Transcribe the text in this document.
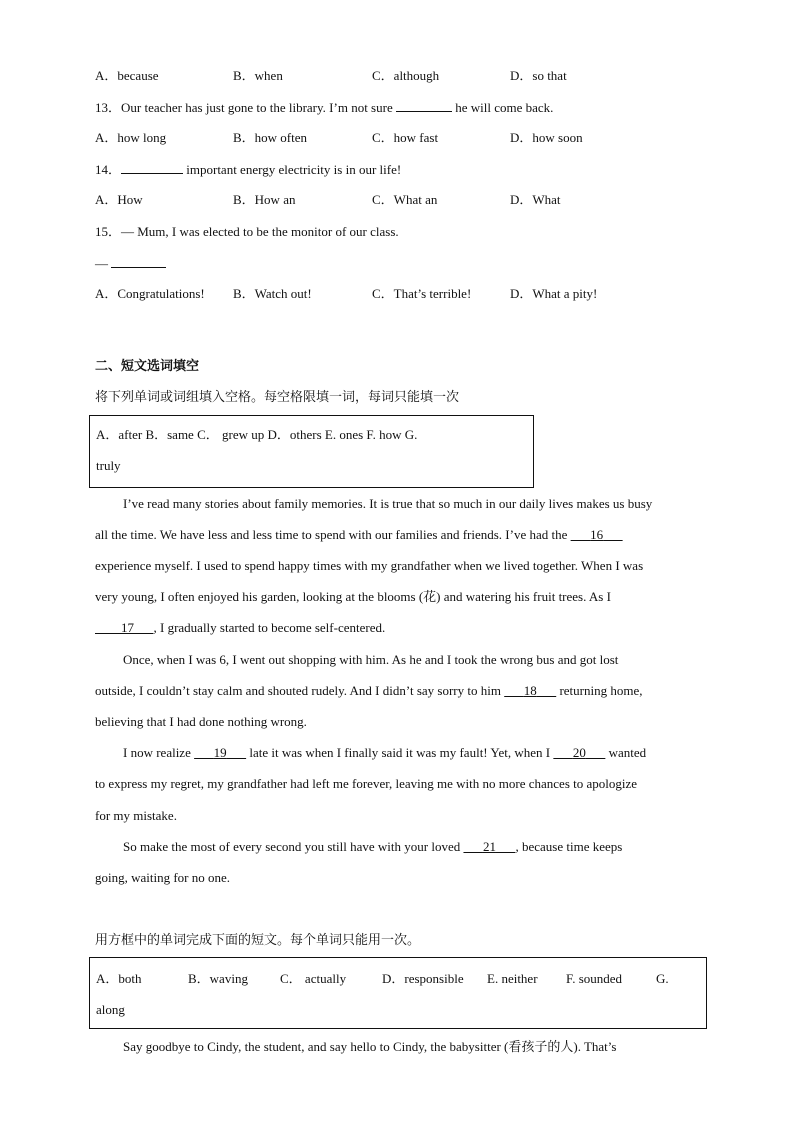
A．because	B．when	C．although	D．so that
13．Our teacher has just gone to the library. I’m not sure	he will come back.
A．how long	B．how often	C．how fast	D．how soon
14．	important energy electricity is in our life!
A．How	B．How an	C．What an	D．What
15．— Mum, I was elected to be the monitor of our class.
—
A．Congratulations! B．Watch out!	C．That’s terrible!	D．What a pity!
二、短文选词填空
将下列单词或词组填入空格。每空格限填一词，每词只能填一次
A．after B．same C． grew up D．others E. ones F. how G.
truly
I’ve read many stories about family memories. It is true that so much in our daily lives makes us busy
all the time. We have less and less time to spend with our families and friends. I’ve had the     16   
experience myself. I used to spend happy times with my grandfather when we lived together. When I was
very young, I often enjoyed his garden, looking at the blooms (花) and watering his fruit trees. As I
    17    , I gradually started to become self-centered.
Once, when I was 6, I went out shopping with him. As he and I took the wrong bus and got lost
outside, I couldn’t stay calm and shouted rudely. And I didn’t say sorry to him     18    returning home,
believing that I had done nothing wrong.
I now realize     19    late it was when I finally said it was my fault! Yet, when I     20    wanted
to express my regret, my grandfather had left me forever, leaving me with no more chances to apologize
for my mistake.
So make the most of every second you still have with your loved     21    , because time keeps
going, waiting for no one.
用方框中的单词完成下面的短文。每个单词只能用一次。
A．both	B．waving C． actually	D．responsible E. neither F. sounded	G.
along
Say goodbye to Cindy, the student, and say hello to Cindy, the babysitter (看孩子的人). That’s
